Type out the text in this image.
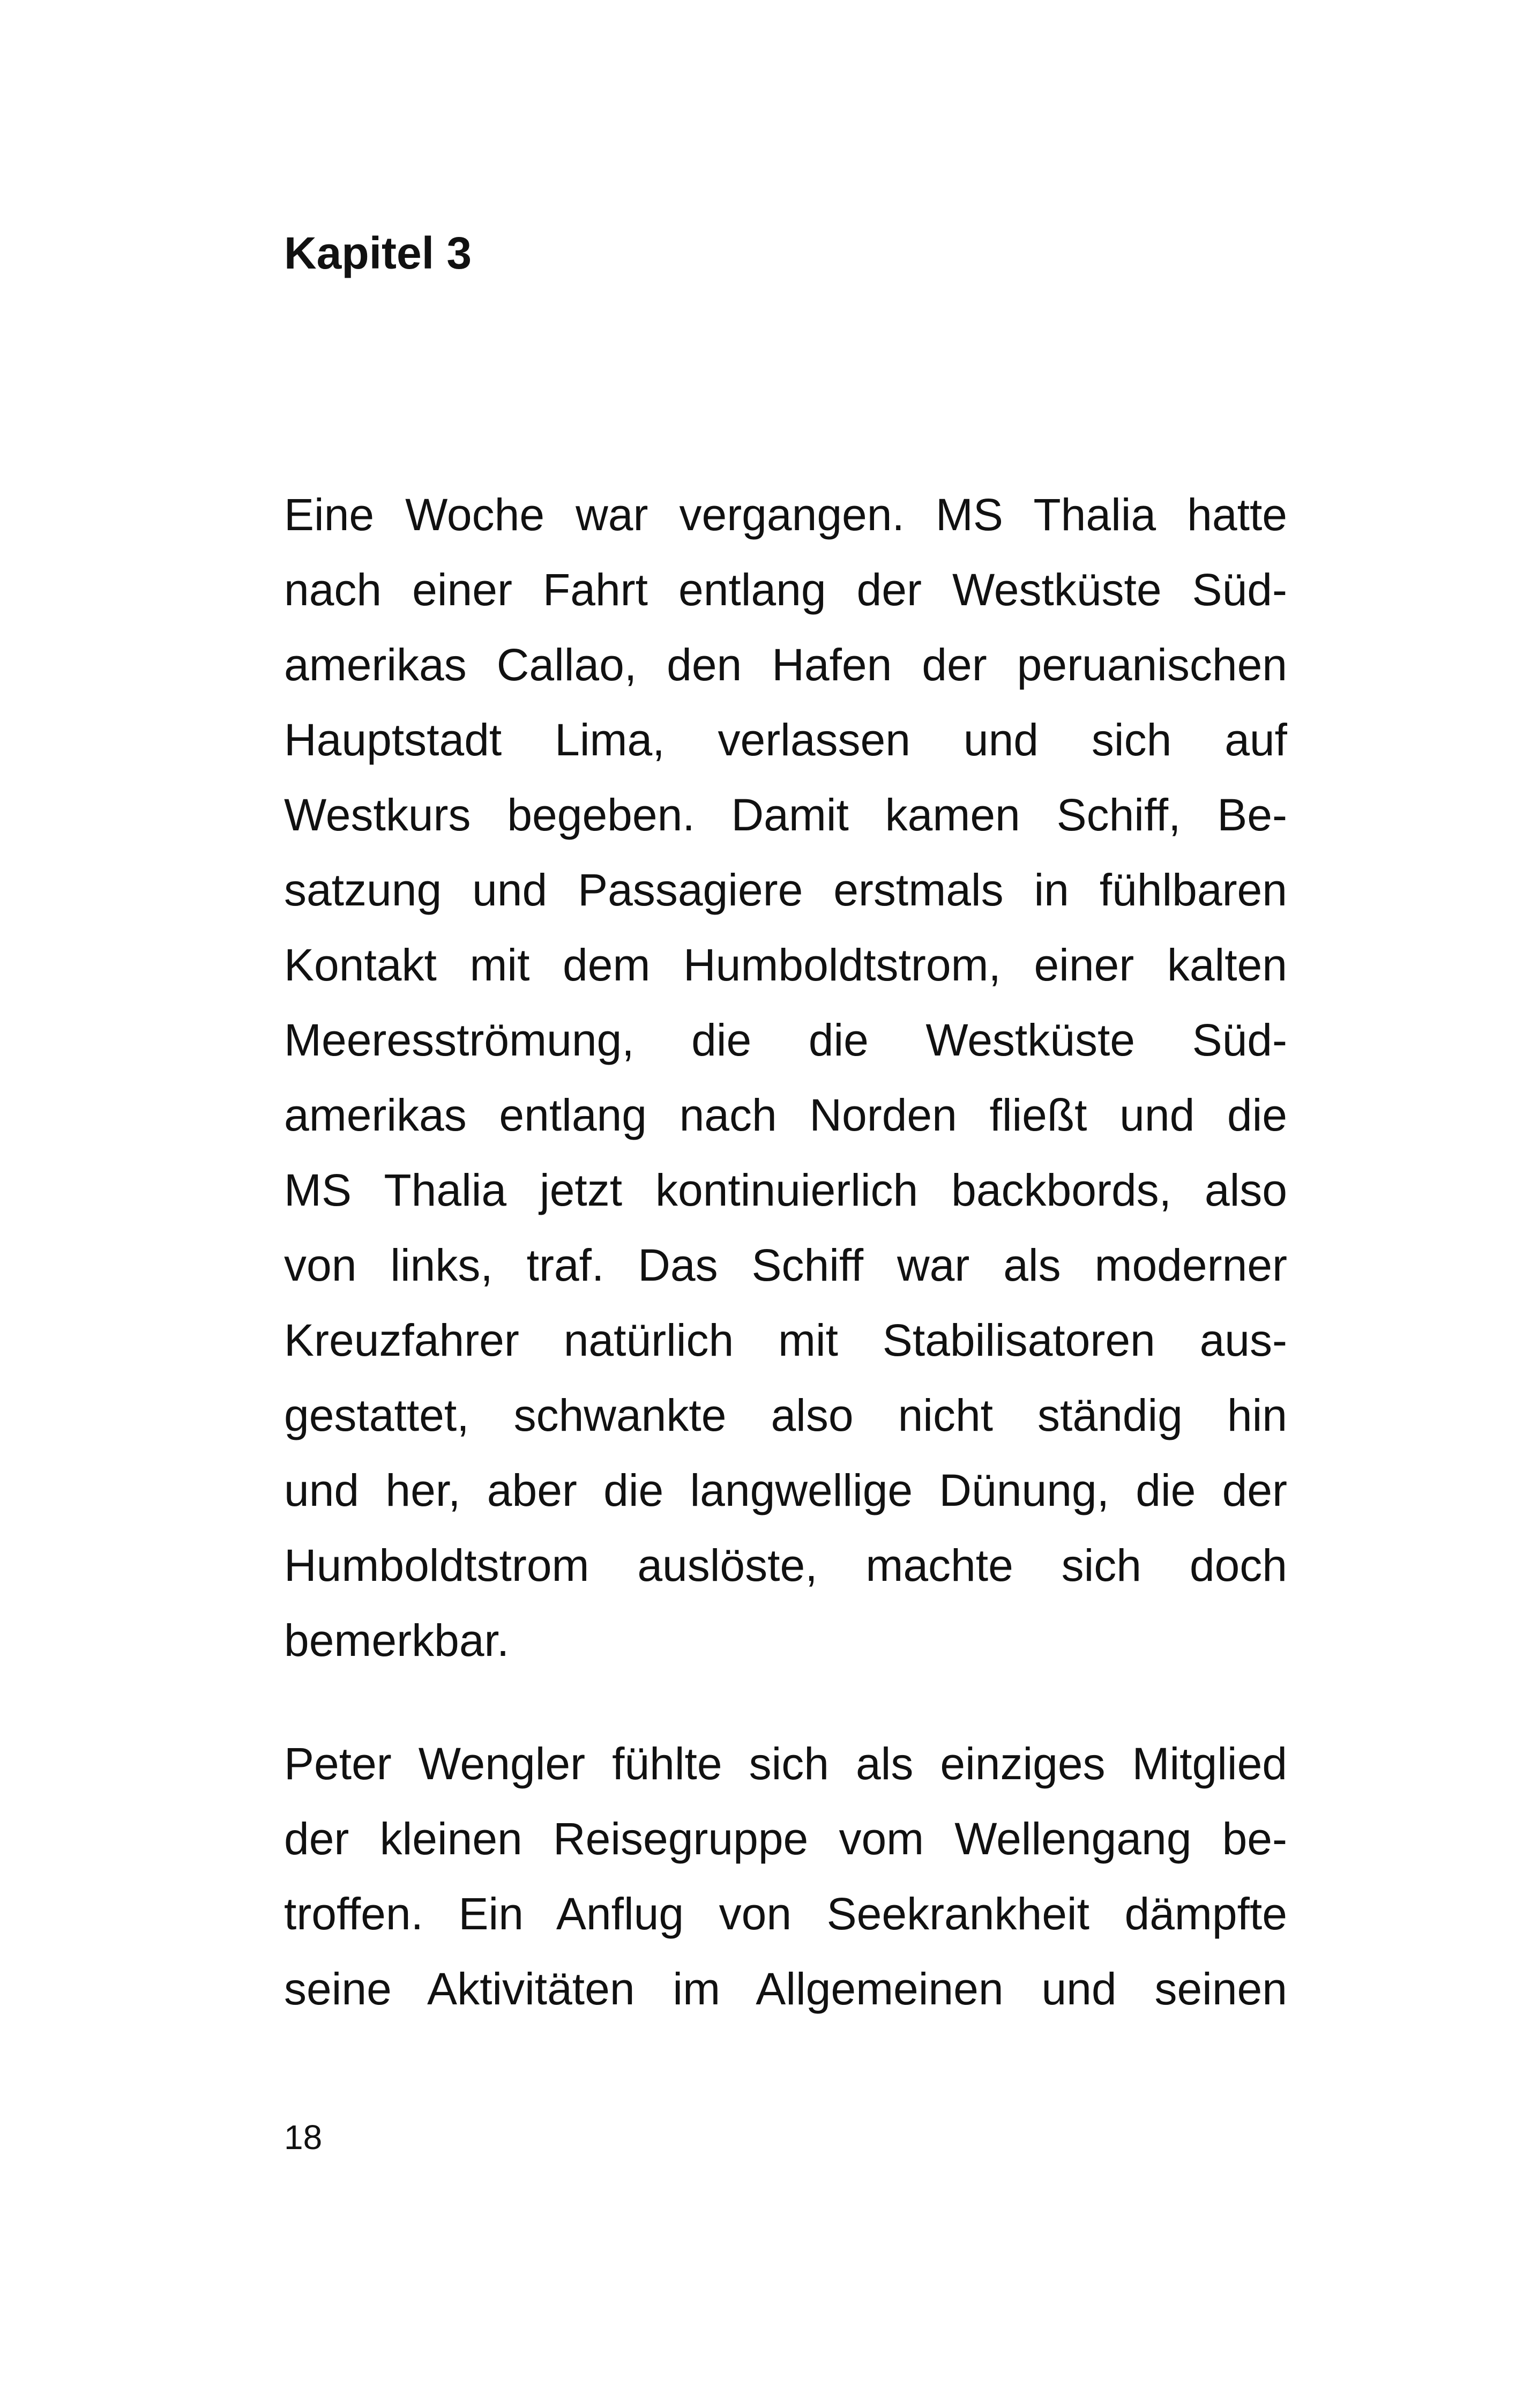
Kapitel 3
Eine Woche war vergangen. MS Thalia hatte
nach einer Fahrt entlang der Westküste Süd-
amerikas Callao, den Hafen der peruanischen
Hauptstadt Lima, verlassen und sich auf
Westkurs begeben. Damit kamen Schiff, Be-
satzung und Passagiere erstmals in fühlbaren
Kontakt mit dem Humboldtstrom, einer kalten
Meeresströmung, die die Westküste Süd-
amerikas entlang nach Norden fließt und die
MS Thalia jetzt kontinuierlich backbords, also
von links, traf. Das Schiff war als moderner
Kreuzfahrer natürlich mit Stabilisatoren aus-
gestattet, schwankte also nicht ständig hin
und her, aber die langwellige Dünung, die der
Humboldtstrom auslöste, machte sich doch
bemerkbar.
Peter Wengler fühlte sich als einziges Mitglied
der kleinen Reisegruppe vom Wellengang be-
troffen. Ein Anflug von Seekrankheit dämpfte
seine Aktivitäten im Allgemeinen und seinen
18
